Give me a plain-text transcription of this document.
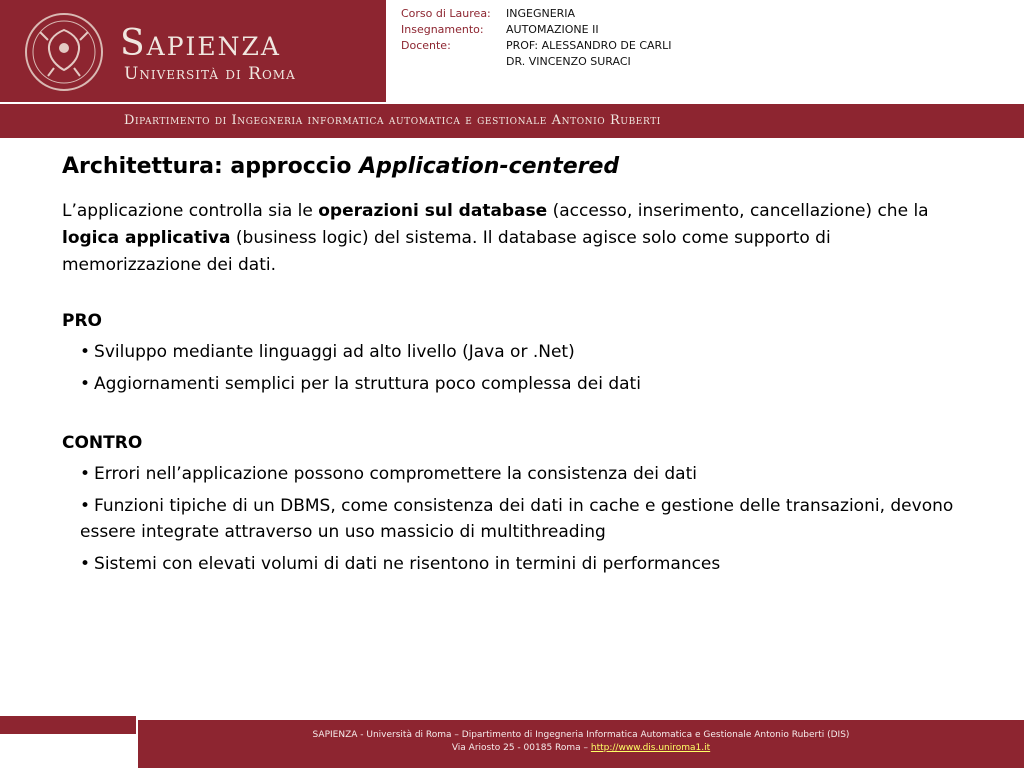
Sapienza
Università di Roma
Corso di Laurea:	INGEGNERIA
Insegnamento:	AUTOMAZIONE II
Docente:	PROF: ALESSANDRO DE CARLI
DR. VINCENZO SURACI
Dipartimento di Ingegneria informatica automatica e gestionale Antonio Ruberti
Architettura: approccio Application-centered

L’applicazione controlla sia le operazioni sul database (accesso, inserimento, cancellazione) che la logica applicativa (business logic) del sistema. Il database agisce solo come supporto di memorizzazione dei dati.

PRO
• Sviluppo mediante linguaggi ad alto livello (Java or .Net)
• Aggiornamenti semplici per la struttura poco complessa dei dati
CONTRO
• Errori nell’applicazione possono compromettere la consistenza dei dati
• Funzioni tipiche di un DBMS, come consistenza dei dati in cache e gestione delle transazioni, devono essere integrate attraverso un uso massicio di multithreading
• Sistemi con elevati volumi di dati ne risentono in termini di performances
SAPIENZA - Università di Roma – Dipartimento di Ingegneria Informatica Automatica e Gestionale Antonio Ruberti (DIS)
Via Ariosto 25 - 00185 Roma – http://www.dis.uniroma1.it
